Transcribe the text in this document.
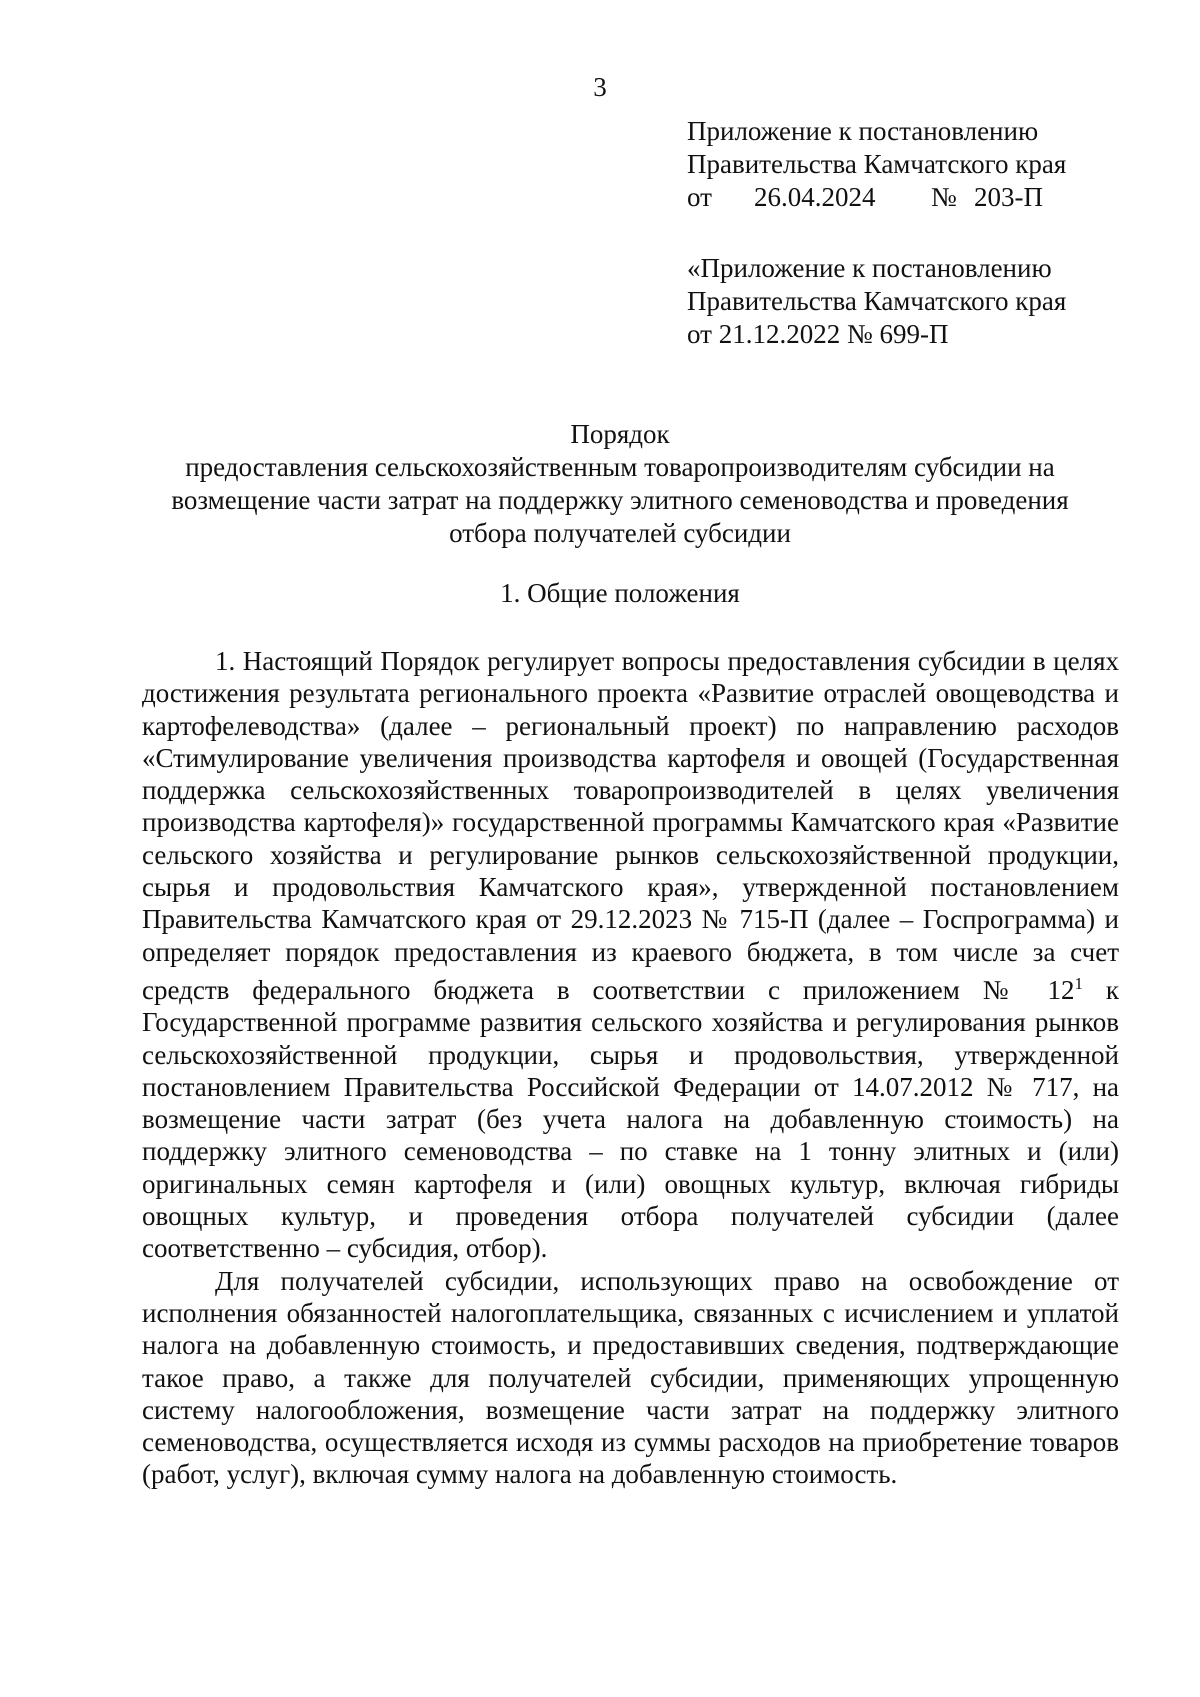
3
Приложение к постановлению
Правительства Камчатского края
от 26.04.2024 № 203-П
«Приложение к постановлению
Правительства Камчатского края
от 21.12.2022 № 699-П
Порядок
предоставления сельскохозяйственным товаропроизводителям субсидии на
возмещение части затрат на поддержку элитного семеноводства и проведения
отбора получателей субсидии
1. Общие положения

1. Настоящий Порядок регулирует вопросы предоставления субсидии в целях достижения результата регионального проекта «Развитие отраслей овощеводства и картофелеводства» (далее – региональный проект) по направлению расходов «Стимулирование увеличения производства картофеля и овощей (Государственная поддержка сельскохозяйственных товаропроизводителей в целях увеличения производства картофеля)» государственной программы Камчатского края «Развитие сельского хозяйства и регулирование рынков сельскохозяйственной продукции, сырья и продовольствия Камчатского края», утвержденной постановлением Правительства Камчатского края от 29.12.2023 № 715-П (далее – Госпрограмма) и определяет порядок предоставления из краевого бюджета, в том числе за счет средств федерального бюджета в соответствии с приложением № $12^1$ к Государственной программе развития сельского хозяйства и регулирования рынков сельскохозяйственной продукции, сырья и продовольствия, утвержденной постановлением Правительства Российской Федерации от 14.07.2012 № 717, на возмещение части затрат (без учета налога на добавленную стоимость) на поддержку элитного семеноводства – по ставке на 1 тонну элитных и (или) оригинальных семян картофеля и (или) овощных культур, включая гибриды овощных культур, и проведения отбора получателей субсидии (далее соответственно – субсидия, отбор).

Для получателей субсидии, использующих право на освобождение от исполнения обязанностей налогоплательщика, связанных с исчислением и уплатой налога на добавленную стоимость, и предоставивших сведения, подтверждающие такое право, а также для получателей субсидии, применяющих упрощенную систему налогообложения, возмещение части затрат на поддержку элитного семеноводства, осуществляется исходя из суммы расходов на приобретение товаров (работ, услуг), включая сумму налога на добавленную стоимость.
